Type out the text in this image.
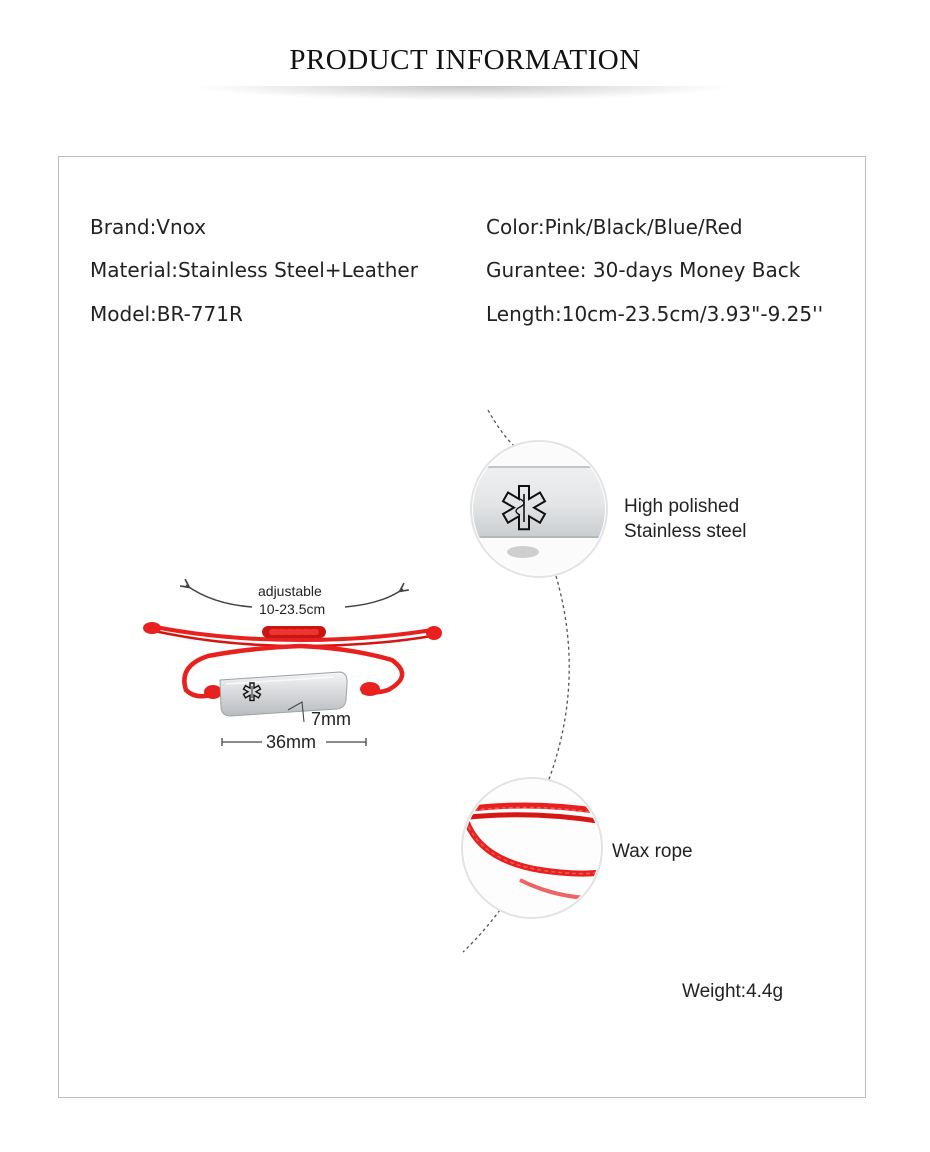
PRODUCT INFORMATION
Brand:Vnox
Material:Stainless Steel+Leather
Model:BR-771R
Color:Pink/Black/Blue/Red
Gurantee: 30-days Money Back
Length:10cm-23.5cm/3.93"-9.25''
adjustable
10-23.5cm
7mm
36mm
High polished
Stainless steel
Wax rope
Weight:4.4g
